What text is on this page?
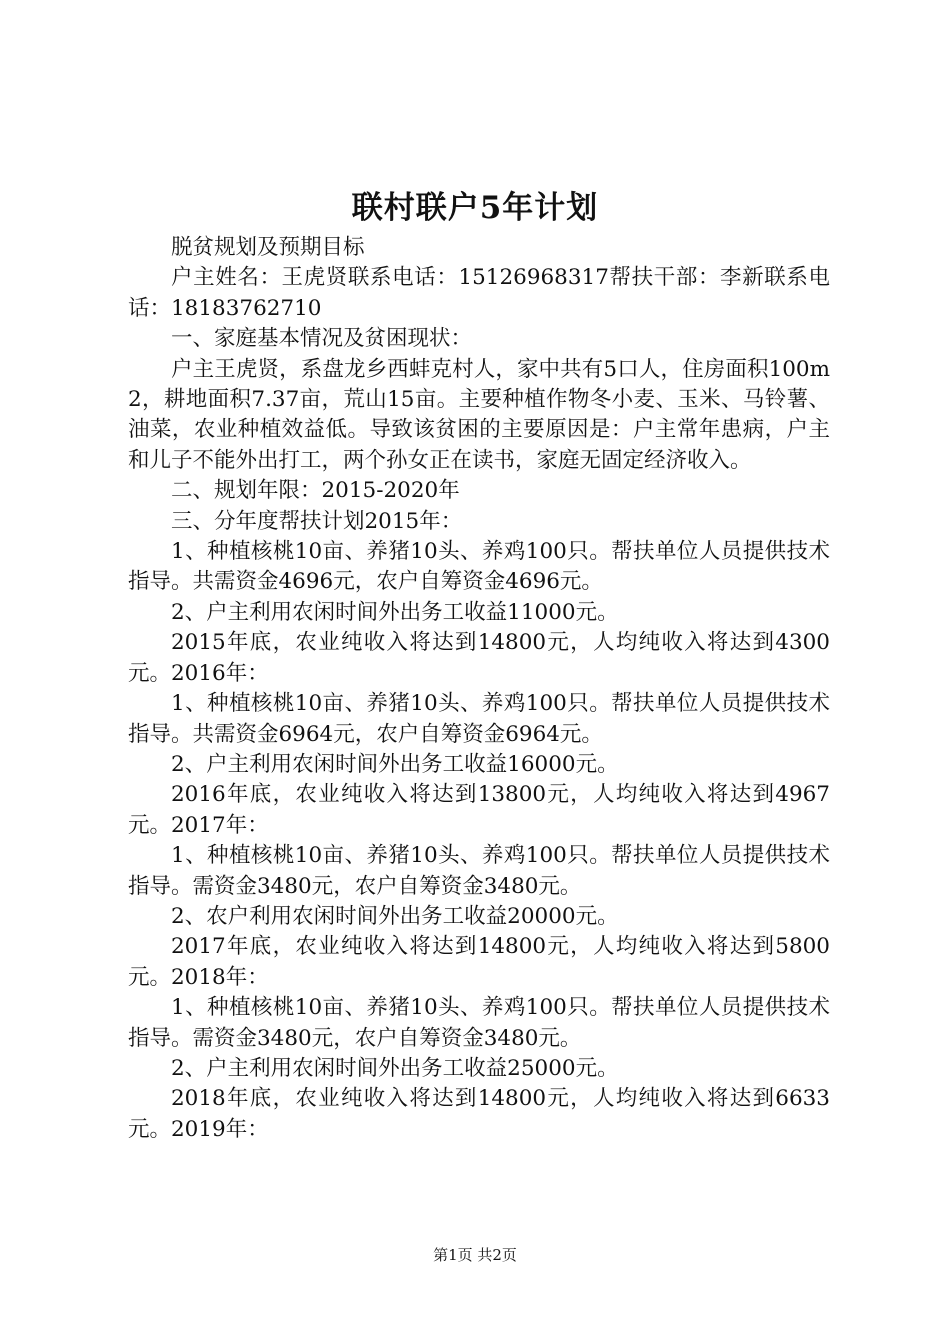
联村联户5年计划

脱贫规划及预期目标

户主姓名：王虎贤联系电话：15126968317帮扶干部：李新联系电话：18183762710

一、家庭基本情况及贫困现状：

户主王虎贤，系盘龙乡西蚌克村人，家中共有5口人，住房面积100m2，耕地面积7.37亩，荒山15亩。主要种植作物冬小麦、玉米、马铃薯、油菜，农业种植效益低。导致该贫困的主要原因是：户主常年患病，户主和儿子不能外出打工，两个孙女正在读书，家庭无固定经济收入。

二、规划年限：2015-2020年

三、分年度帮扶计划2015年：

1、种植核桃10亩、养猪10头、养鸡100只。帮扶单位人员提供技术指导。共需资金4696元，农户自筹资金4696元。

2、户主利用农闲时间外出务工收益11000元。

2015年底，农业纯收入将达到14800元，人均纯收入将达到4300元。2016年：

1、种植核桃10亩、养猪10头、养鸡100只。帮扶单位人员提供技术指导。共需资金6964元，农户自筹资金6964元。

2、户主利用农闲时间外出务工收益16000元。

2016年底，农业纯收入将达到13800元，人均纯收入将达到4967元。2017年：

1、种植核桃10亩、养猪10头、养鸡100只。帮扶单位人员提供技术指导。需资金3480元，农户自筹资金3480元。

2、农户利用农闲时间外出务工收益20000元。

2017年底，农业纯收入将达到14800元，人均纯收入将达到5800元。2018年：

1、种植核桃10亩、养猪10头、养鸡100只。帮扶单位人员提供技术指导。需资金3480元，农户自筹资金3480元。

2、户主利用农闲时间外出务工收益25000元。

2018年底，农业纯收入将达到14800元，人均纯收入将达到6633元。2019年：

第1页 共2页
